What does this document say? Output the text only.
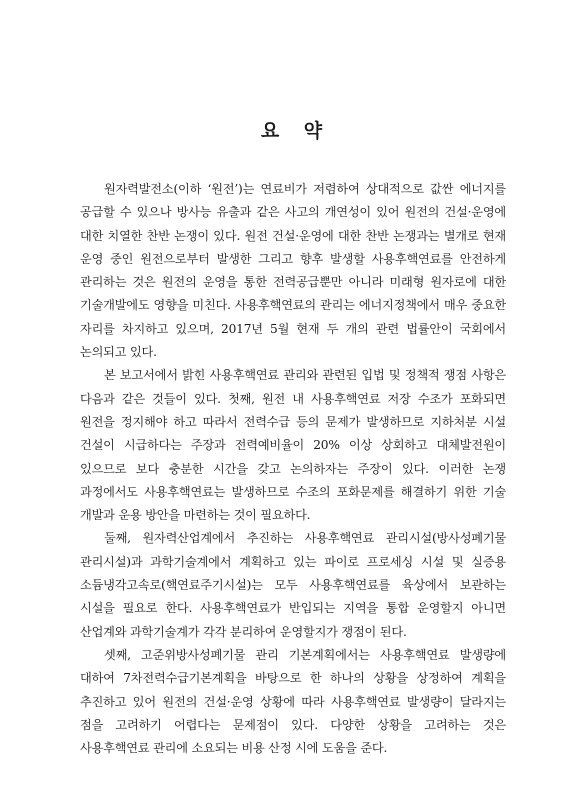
요 약

원자력발전소(이하 ‘원전’)는 연료비가 저렴하여 상대적으로 값싼 에너지를 공급할 수 있으나 방사능 유출과 같은 사고의 개연성이 있어 원전의 건설·운영에 대한 치열한 찬반 논쟁이 있다. 원전 건설·운영에 대한 찬반 논쟁과는 별개로 현재 운영 중인 원전으로부터 발생한 그리고 향후 발생할 사용후핵연료를 안전하게 관리하는 것은 원전의 운영을 통한 전력공급뿐만 아니라 미래형 원자로에 대한 기술개발에도 영향을 미친다. 사용후핵연료의 관리는 에너지정책에서 매우 중요한 자리를 차지하고 있으며, 2017년 5월 현재 두 개의 관련 법률안이 국회에서 논의되고 있다.

본 보고서에서 밝힌 사용후핵연료 관리와 관련된 입법 및 정책적 쟁점 사항은 다음과 같은 것들이 있다. 첫째, 원전 내 사용후핵연료 저장 수조가 포화되면 원전을 정지해야 하고 따라서 전력수급 등의 문제가 발생하므로 지하처분 시설 건설이 시급하다는 주장과 전력예비율이 20% 이상 상회하고 대체발전원이 있으므로 보다 충분한 시간을 갖고 논의하자는 주장이 있다. 이러한 논쟁 과정에서도 사용후핵연료는 발생하므로 수조의 포화문제를 해결하기 위한 기술 개발과 운용 방안을 마련하는 것이 필요하다.

둘째, 원자력산업계에서 추진하는 사용후핵연료 관리시설(방사성폐기물 관리시설)과 과학기술계에서 계획하고 있는 파이로 프로세싱 시설 및 실증용 소듐냉각고속로(핵연료주기시설)는 모두 사용후핵연료를 육상에서 보관하는 시설을 필요로 한다. 사용후핵연료가 반입되는 지역을 통합 운영할지 아니면 산업계와 과학기술계가 각각 분리하여 운영할지가 쟁점이 된다.

셋째, 고준위방사성폐기물 관리 기본계획에서는 사용후핵연료 발생량에 대하여 7차전력수급기본계획을 바탕으로 한 하나의 상황을 상정하여 계획을 추진하고 있어 원전의 건설·운영 상황에 따라 사용후핵연료 발생량이 달라지는 점을 고려하기 어렵다는 문제점이 있다. 다양한 상황을 고려하는 것은 사용후핵연료 관리에 소요되는 비용 산정 시에 도움을 준다.
